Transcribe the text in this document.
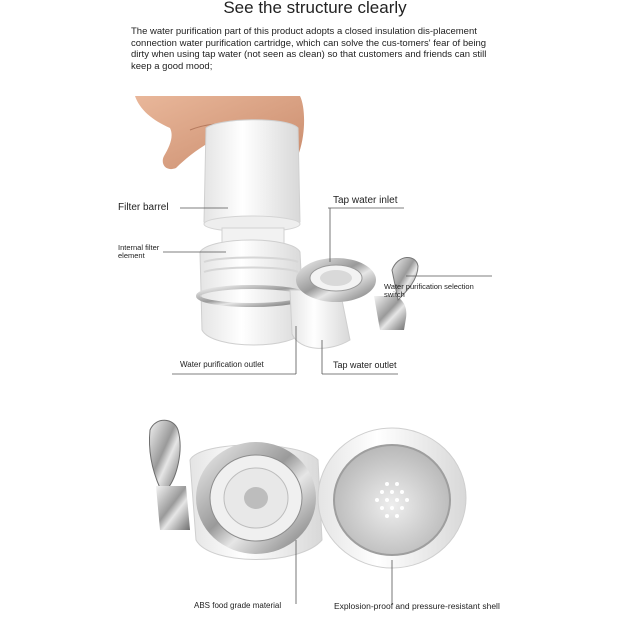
See the structure clearly
The water purification part of this product adopts a closed insulation dis-placement connection water purification cartridge, which can solve the cus-tomers' fear of being dirty when using tap water (not seen as clean) so that customers and friends can still keep a good mood;
Filter barrel
Internal filter element
Tap water inlet
Water purification selection switch
Water purification outlet	Tap water outlet
ABS food grade material	Explosion-proof and pressure-resistant shell
